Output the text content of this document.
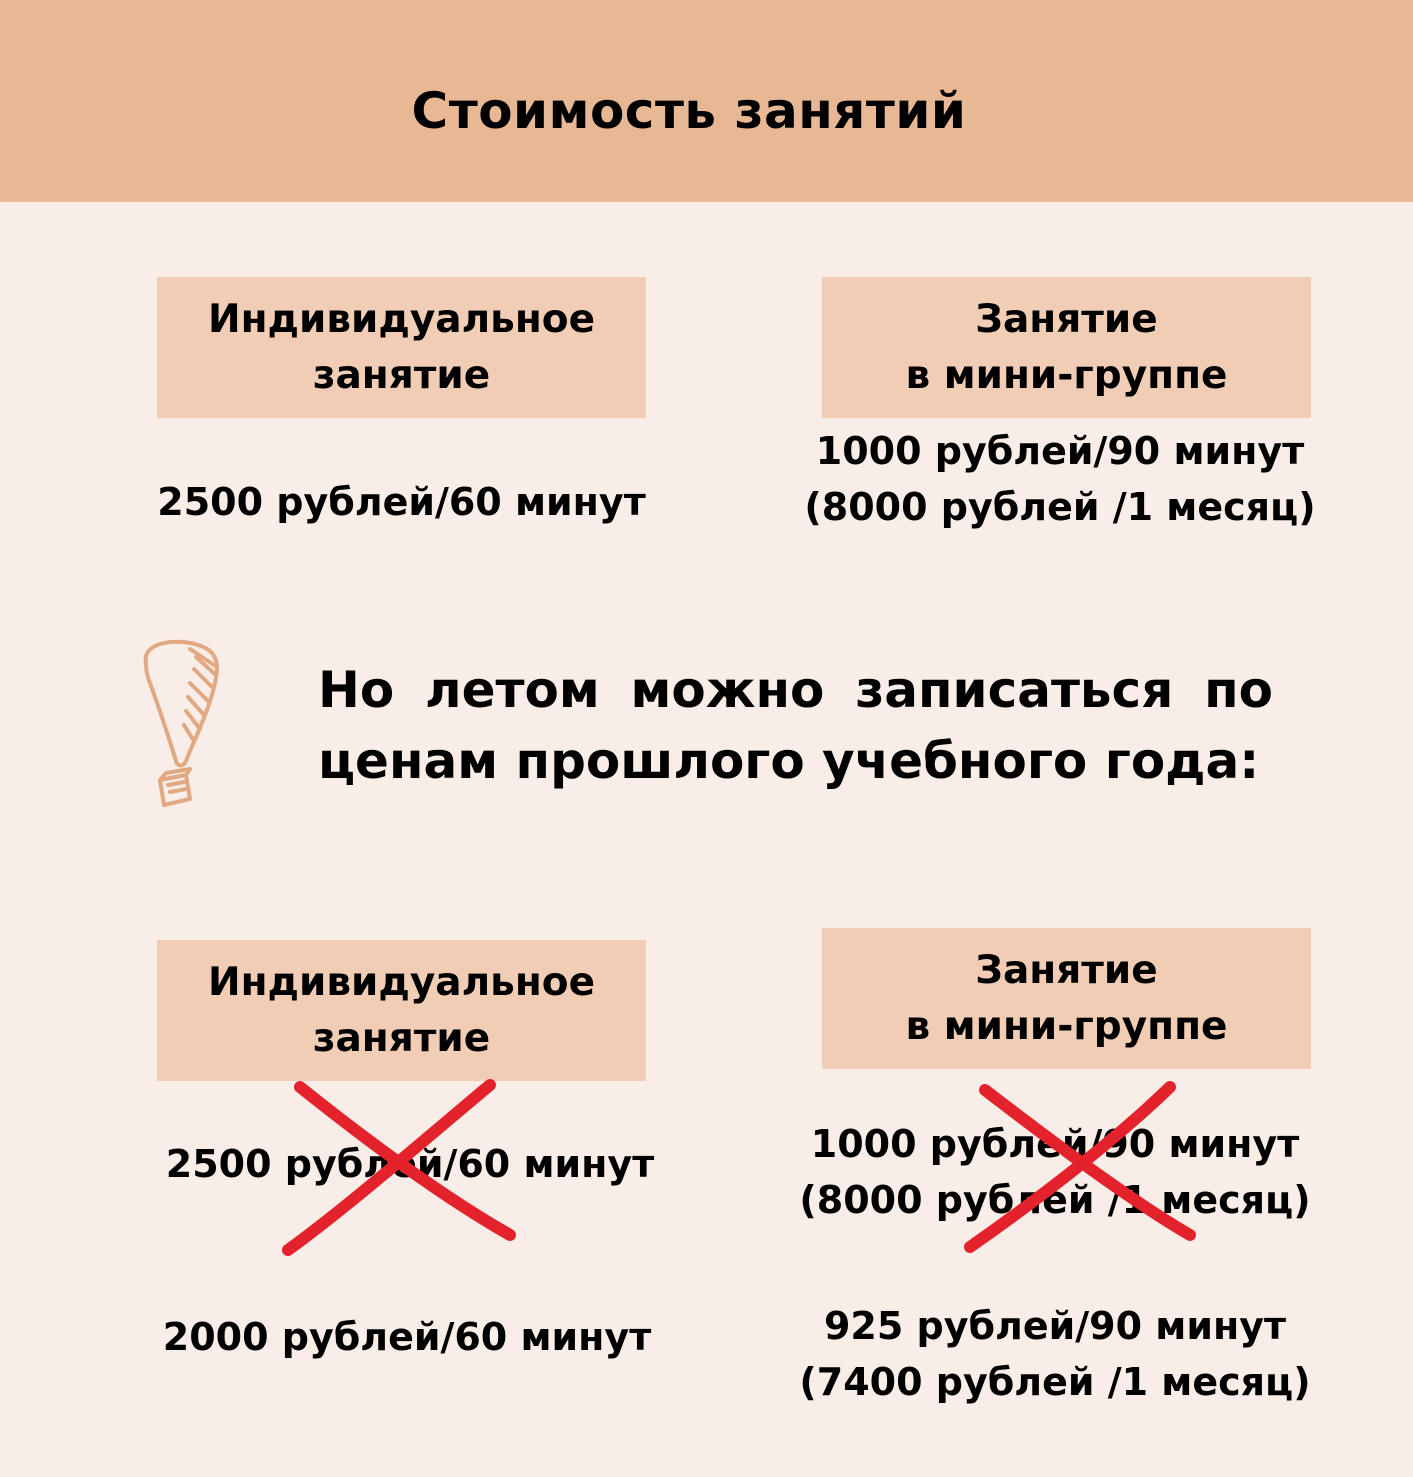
Стоимость занятий
Индивидуальное
занятие
Занятие
в мини-группе
2500 рублей/60 минут
1000 рублей/90 минут
(8000 рублей /1 месяц)
Но летом можно записаться по ценам прошлого учебного года:
Индивидуальное
занятие
Занятие
в мини-группе
2500 рублей/60 минут	1000 рублей/90 минут
(8000 рублей /1 месяц)
2000 рублей/60 минут	925 рублей/90 минут
(7400 рублей /1 месяц)
